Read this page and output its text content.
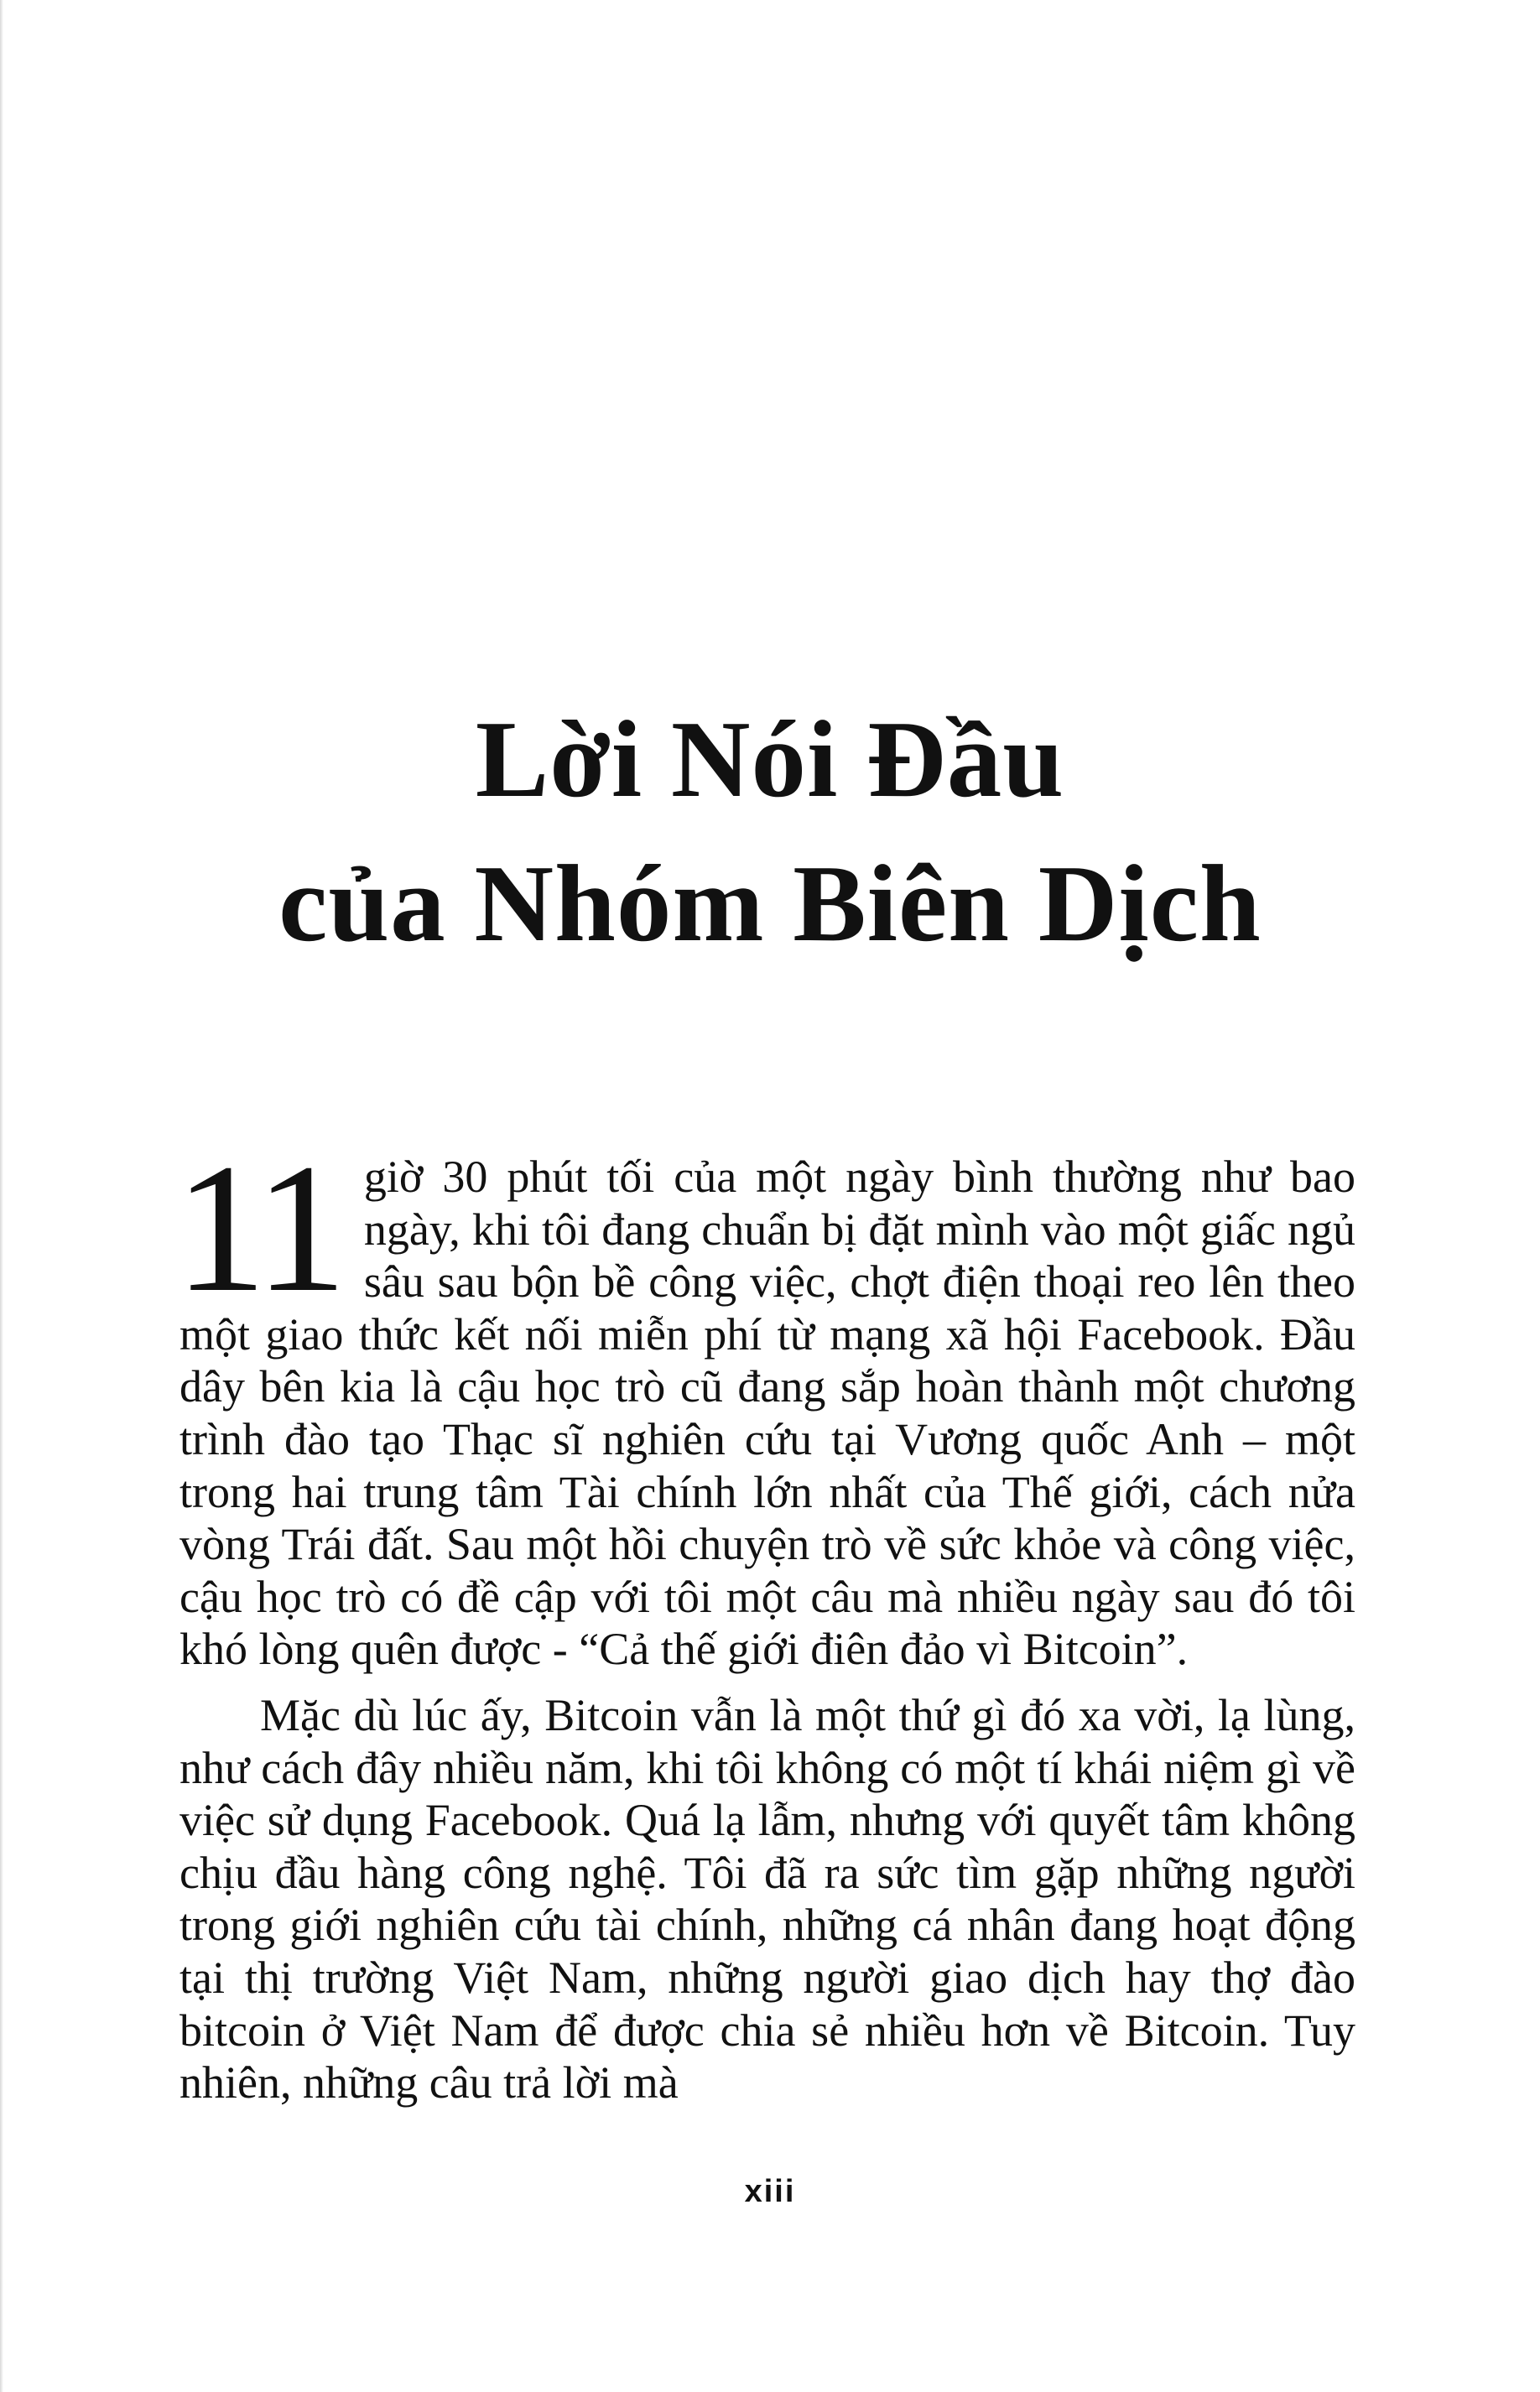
Lời Nói Đầu
của Nhóm Biên Dịch

11 giờ 30 phút tối của một ngày bình thường như bao ngày, khi tôi đang chuẩn bị đặt mình vào một giấc ngủ sâu sau bộn bề công việc, chợt điện thoại reo lên theo một giao thức kết nối miễn phí từ mạng xã hội Facebook. Đầu dây bên kia là cậu học trò cũ đang sắp hoàn thành một chương trình đào tạo Thạc sĩ nghiên cứu tại Vương quốc Anh – một trong hai trung tâm Tài chính lớn nhất của Thế giới, cách nửa vòng Trái đất. Sau một hồi chuyện trò về sức khỏe và công việc, cậu học trò có đề cập với tôi một câu mà nhiều ngày sau đó tôi khó lòng quên được - “Cả thế giới điên đảo vì Bitcoin”.

Mặc dù lúc ấy, Bitcoin vẫn là một thứ gì đó xa vời, lạ lùng, như cách đây nhiều năm, khi tôi không có một tí khái niệm gì về việc sử dụng Facebook. Quá lạ lẫm, nhưng với quyết tâm không chịu đầu hàng công nghệ. Tôi đã ra sức tìm gặp những người trong giới nghiên cứu tài chính, những cá nhân đang hoạt động tại thị trường Việt Nam, những người giao dịch hay thợ đào bitcoin ở Việt Nam để được chia sẻ nhiều hơn về Bitcoin. Tuy nhiên, những câu trả lời mà

xiii
